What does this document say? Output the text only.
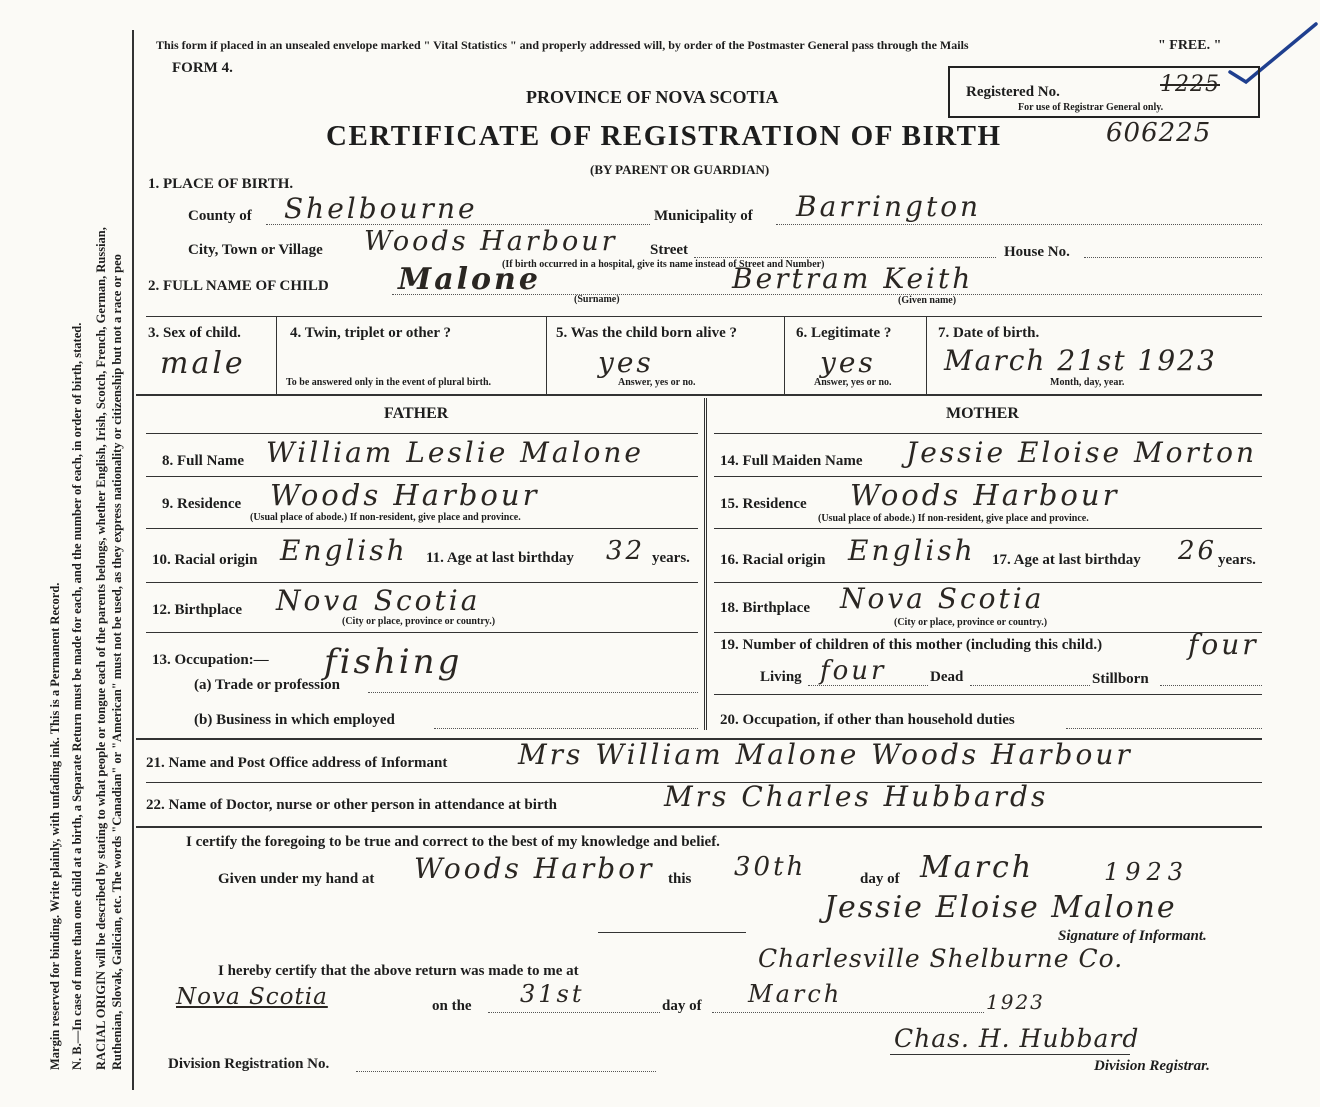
Margin reserved for binding. Write plainly, with unfading ink. This is a Permanent Record. N. B.—In case of more than one child at a birth, a Separate Return must be made for each, and the number of each, in order of birth, stated. RACIAL ORIGIN will be described by stating to what people or tongue each of the parents belongs, whether English, Irish, Scotch, French, German, Russian, Ruthenian, Slovak, Galician, etc. The words "Canadian" or "American" must not be used, as they express nationality or citizenship but not a race or peo
This form if placed in an unsealed envelope marked " Vital Statistics " and properly addressed will, by order of the Postmaster General pass through the Mails	" FREE. "
FORM 4.
PROVINCE OF NOVA SCOTIA	Registered No.	1225
For use of Registrar General only.
CERTIFICATE OF REGISTRATION OF BIRTH	606225
(BY PARENT OR GUARDIAN)
1. PLACE OF BIRTH.
County of Shelbourne	Municipality of Barrington
City, Town or Village Woods Harbour Street	House No.
(If birth occurred in a hospital, give its name instead of Street and Number)
2. FULL NAME OF CHILD Malone
(Surname)
Bertram Keith
(Given name)
3. Sex of child.
male
4. Twin, triplet or other ?
To be answered only in the event of plural birth.
5. Was the child born alive ?
yes
Answer, yes or no.
6. Legitimate ?
yes
Answer, yes or no.
7. Date of birth.
March 21st 1923
Month, day, year.
FATHER	MOTHER
8. Full Name William Leslie Malone
9. Residence Woods Harbour
(Usual place of abode.) If non-resident, give place and province.
10. Racial origin English 11. Age at last birthday 32 years.
12. Birthplace Nova Scotia
(City or place, province or country.)
13. Occupation:— fishing
(a) Trade or profession
(b) Business in which employed
14. Full Maiden Name Jessie Eloise Morton
15. Residence Woods Harbour
(Usual place of abode.) If non-resident, give place and province.
16. Racial origin English 17. Age at last birthday 26 years.
18. Birthplace Nova Scotia
(City or place, province or country.)
19. Number of children of this mother (including this child.)	four
Living four	Dead	Stillborn
20. Occupation, if other than household duties
21. Name and Post Office address of Informant	Mrs William Malone Woods Harbour
22. Name of Doctor, nurse or other person in attendance at birth	Mrs Charles Hubbards
I certify the foregoing to be true and correct to the best of my knowledge and belief.
Given under my hand at Woods Harbor this 30th	day of March	1923
Jessie Eloise Malone
Signature of Informant.
I hereby certify that the above return was made to me at	Charlesville Shelburne Co.
Nova Scotia	on the 31st	day of March	1923
Chas. H. Hubbard
Division Registration No.	Division Registrar.
